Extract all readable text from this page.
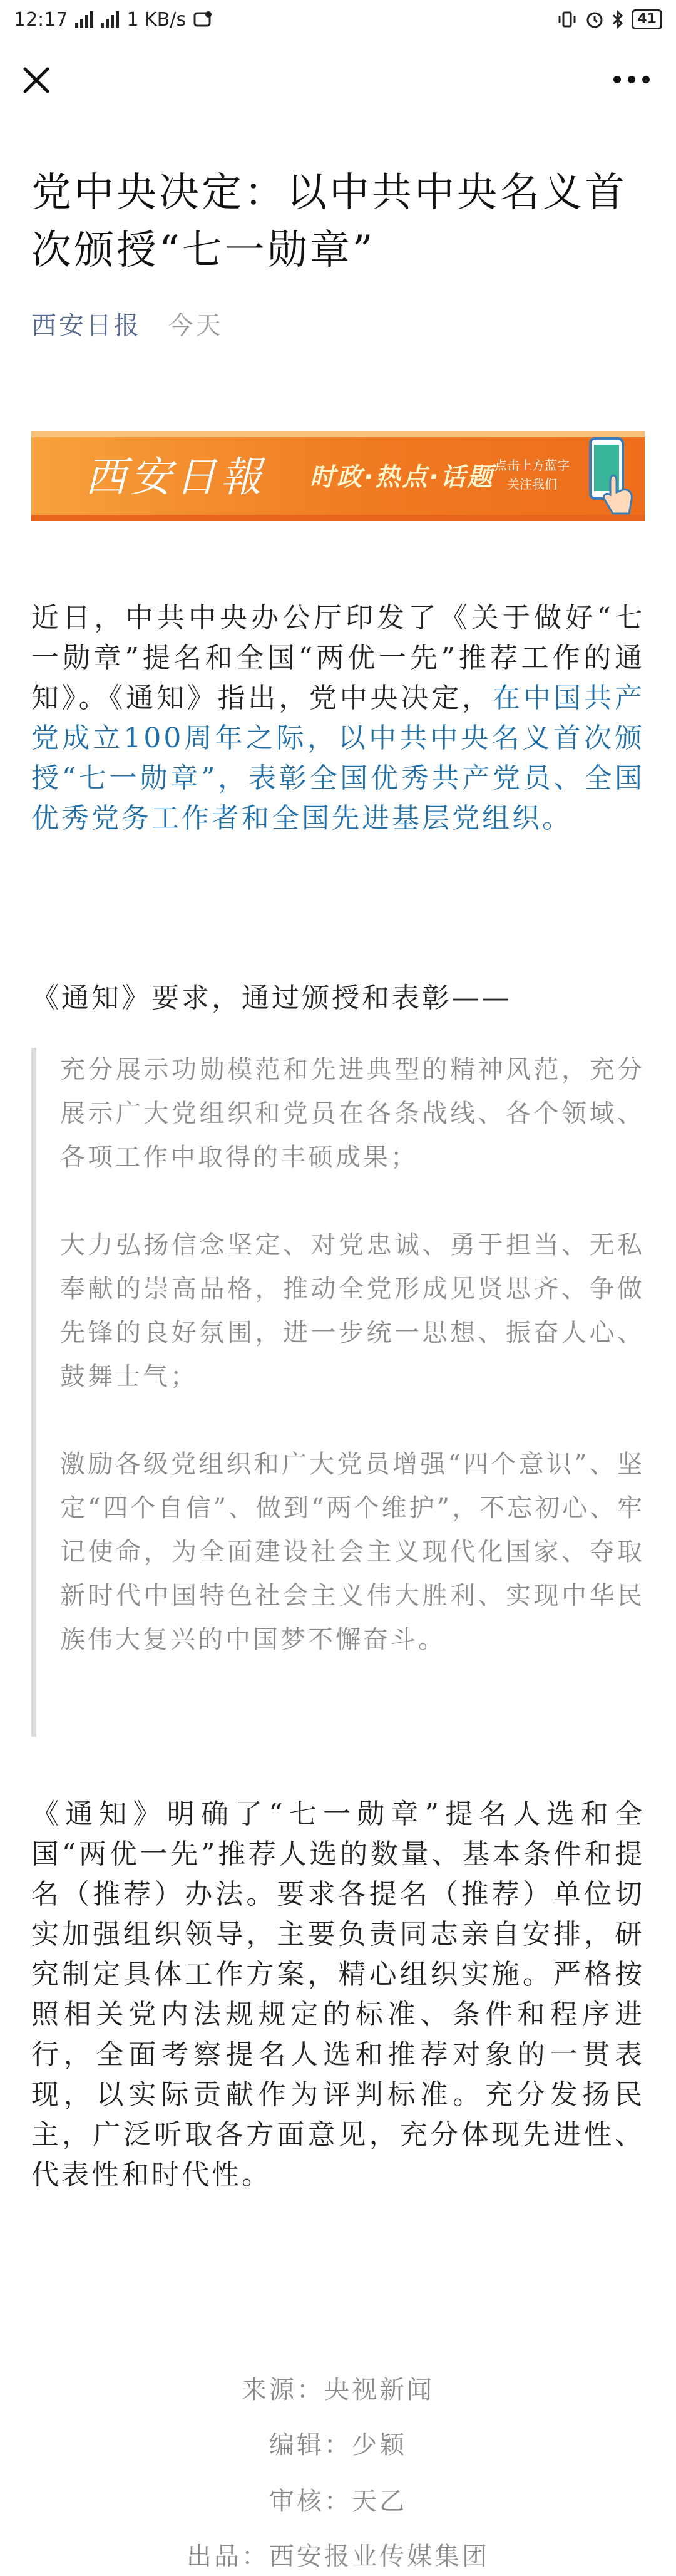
12:17	1 KB/s	41
党中央决定：以中共中央名义首次颁授“七一勋章”
西安日报 今天
西安日報 时政·热点·话题 点击上方蓝字
关注我们

近日，中共中央办公厅印发了《关于做好“七一勋章”提名和全国“两优一先”推荐工作的通知》。《通知》指出，党中央决定，在中国共产党成立100周年之际，以中共中央名义首次颁授“七一勋章”，表彰全国优秀共产党员、全国优秀党务工作者和全国先进基层党组织。

《通知》要求，通过颁授和表彰——

充分展示功勋模范和先进典型的精神风范，充分展示广大党组织和党员在各条战线、各个领域、各项工作中取得的丰硕成果；

大力弘扬信念坚定、对党忠诚、勇于担当、无私奉献的崇高品格，推动全党形成见贤思齐、争做先锋的良好氛围，进一步统一思想、振奋人心、鼓舞士气；

激励各级党组织和广大党员增强“四个意识”、坚定“四个自信”、做到“两个维护”，不忘初心、牢记使命，为全面建设社会主义现代化国家、夺取新时代中国特色社会主义伟大胜利、实现中华民族伟大复兴的中国梦不懈奋斗。

《通知》明确了“七一勋章”提名人选和全国“两优一先”推荐人选的数量、基本条件和提名（推荐）办法。要求各提名（推荐）单位切实加强组织领导，主要负责同志亲自安排，研究制定具体工作方案，精心组织实施。严格按照相关党内法规规定的标准、条件和程序进行，全面考察提名人选和推荐对象的一贯表现，以实际贡献作为评判标准。充分发扬民主，广泛听取各方面意见，充分体现先进性、代表性和时代性。

来源：央视新闻
编辑：少颖
审核：天乙
出品：西安报业传媒集团
